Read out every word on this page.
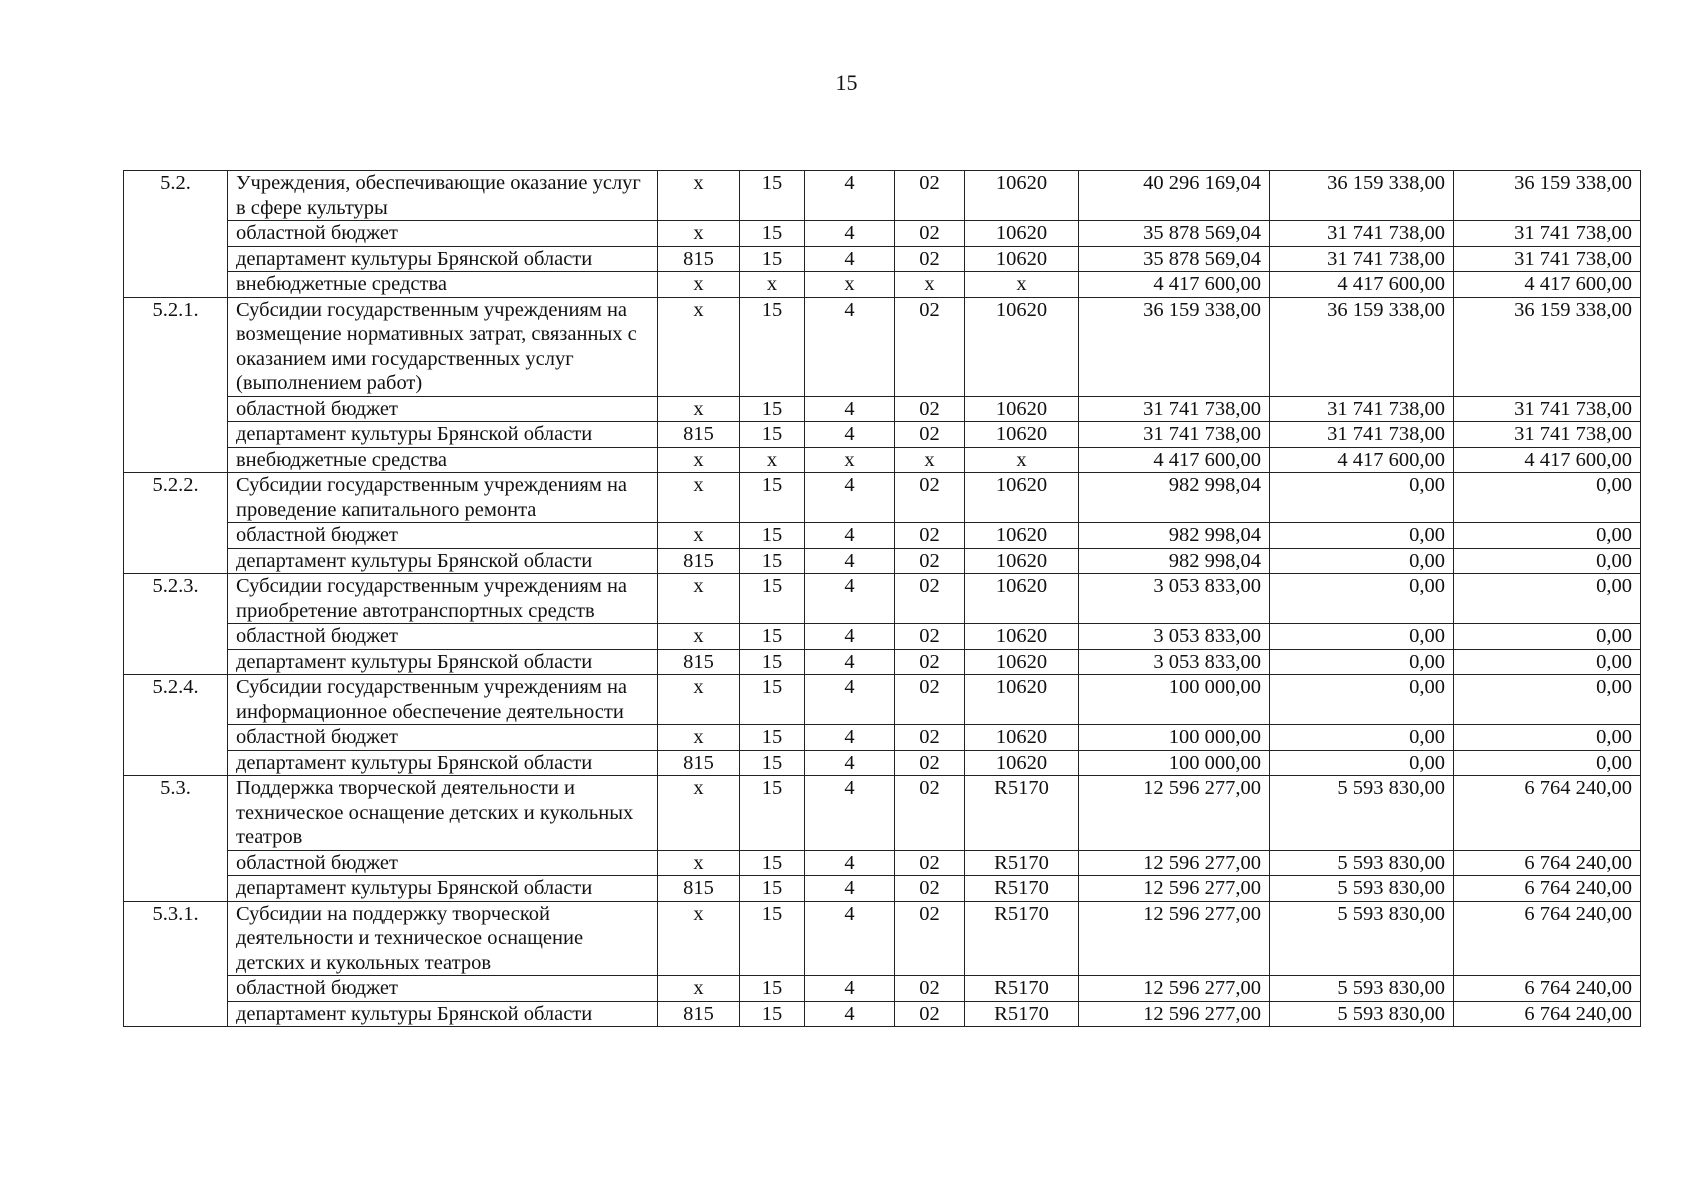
15
5.2.	Учреждения, обеспечивающие оказание услуг в сфере культуры	х	15	4	02	10620	40 296 169,04	36 159 338,00	36 159 338,00
	областной бюджет	х	15	4	02	10620	35 878 569,04	31 741 738,00	31 741 738,00
	департамент культуры Брянской области	815	15	4	02	10620	35 878 569,04	31 741 738,00	31 741 738,00
	внебюджетные средства	х	х	х	х	х	4 417 600,00	4 417 600,00	4 417 600,00
5.2.1.	Субсидии государственным учреждениям на возмещение нормативных затрат, связанных с оказанием ими государственных услуг (выполнением работ)	х	15	4	02	10620	36 159 338,00	36 159 338,00	36 159 338,00
	областной бюджет	х	15	4	02	10620	31 741 738,00	31 741 738,00	31 741 738,00
	департамент культуры Брянской области	815	15	4	02	10620	31 741 738,00	31 741 738,00	31 741 738,00
	внебюджетные средства	х	х	х	х	х	4 417 600,00	4 417 600,00	4 417 600,00
5.2.2.	Субсидии государственным учреждениям на проведение капитального ремонта	х	15	4	02	10620	982 998,04	0,00	0,00
	областной бюджет	х	15	4	02	10620	982 998,04	0,00	0,00
	департамент культуры Брянской области	815	15	4	02	10620	982 998,04	0,00	0,00
5.2.3.	Субсидии государственным учреждениям на приобретение автотранспортных средств	х	15	4	02	10620	3 053 833,00	0,00	0,00
	областной бюджет	х	15	4	02	10620	3 053 833,00	0,00	0,00
	департамент культуры Брянской области	815	15	4	02	10620	3 053 833,00	0,00	0,00
5.2.4.	Субсидии государственным учреждениям на информационное обеспечение деятельности	х	15	4	02	10620	100 000,00	0,00	0,00
	областной бюджет	х	15	4	02	10620	100 000,00	0,00	0,00
	департамент культуры Брянской области	815	15	4	02	10620	100 000,00	0,00	0,00
5.3.	Поддержка творческой деятельности и техническое оснащение детских и кукольных театров	х	15	4	02	R5170	12 596 277,00	5 593 830,00	6 764 240,00
	областной бюджет	х	15	4	02	R5170	12 596 277,00	5 593 830,00	6 764 240,00
	департамент культуры Брянской области	815	15	4	02	R5170	12 596 277,00	5 593 830,00	6 764 240,00
5.3.1.	Субсидии на поддержку творческой деятельности и техническое оснащение детских и кукольных театров	х	15	4	02	R5170	12 596 277,00	5 593 830,00	6 764 240,00
	областной бюджет	х	15	4	02	R5170	12 596 277,00	5 593 830,00	6 764 240,00
	департамент культуры Брянской области	815	15	4	02	R5170	12 596 277,00	5 593 830,00	6 764 240,00
